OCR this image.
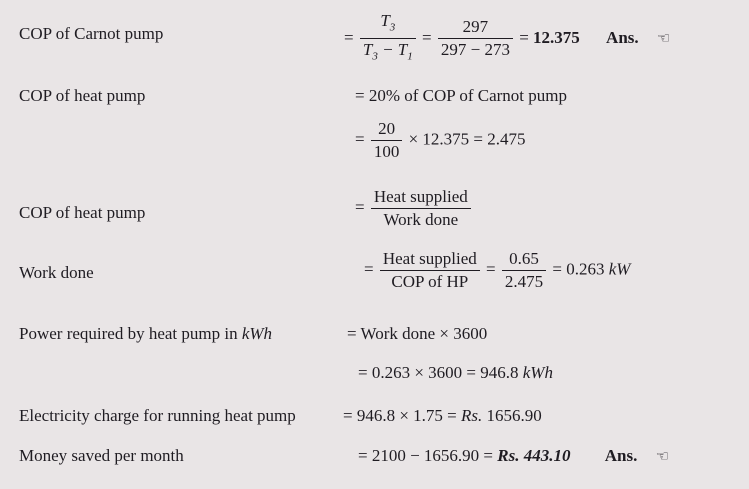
COP of Carnot pump	= $\frac{T_3}{T_3 - T_1} = \frac{297}{297 - 273} = 12.375$ Ans. ☜
COP of heat pump	= 20% of COP of Carnot pump
= $\frac{20}{100} \times 12.375 = 2.475$
COP of heat pump	= $\frac{\text{Heat supplied}}{\text{Work done}}$
Work done	= $\frac{\text{Heat supplied}}{\text{COP of HP}} = \frac{0.65}{2.475} = 0.263$ kW
Power required by heat pump in kWh	= Work done × 3600
= 0.263 × 3600 = 946.8 kWh
Electricity charge for running heat pump	= 946.8 × 1.75 = Rs. 1656.90
Money saved per month	= 2100 − 1656.90 = Rs. 443.10 Ans. ☜
